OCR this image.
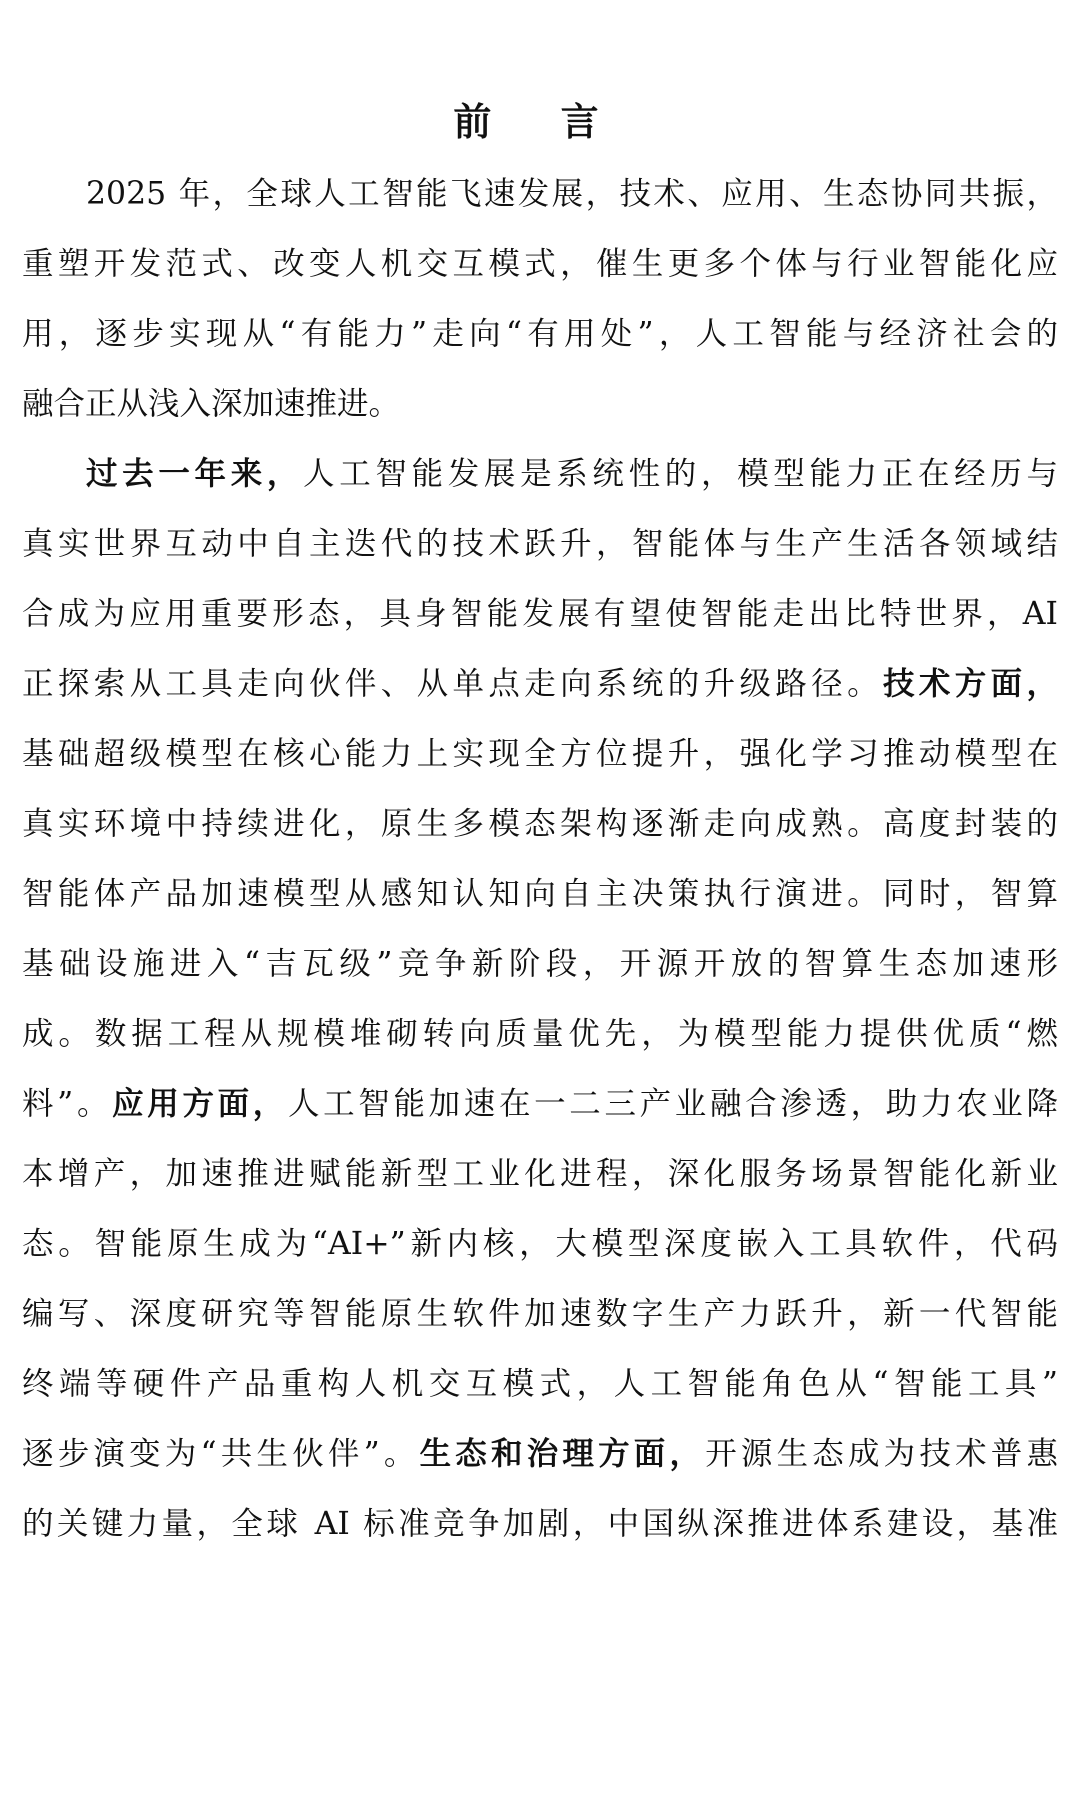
前 言
2025 年，全球人工智能飞速发展，技术、应用、生态协同共振，
重塑开发范式、改变人机交互模式，催生更多个体与行业智能化应
用，逐步实现从“有能力”走向“有用处”，人工智能与经济社会的
融合正从浅入深加速推进。
过去一年来，人工智能发展是系统性的，模型能力正在经历与
真实世界互动中自主迭代的技术跃升，智能体与生产生活各领域结
合成为应用重要形态，具身智能发展有望使智能走出比特世界，AI
正探索从工具走向伙伴、从单点走向系统的升级路径。技术方面，
基础超级模型在核心能力上实现全方位提升，强化学习推动模型在
真实环境中持续进化，原生多模态架构逐渐走向成熟。高度封装的
智能体产品加速模型从感知认知向自主决策执行演进。同时，智算
基础设施进入“吉瓦级”竞争新阶段，开源开放的智算生态加速形
成。数据工程从规模堆砌转向质量优先，为模型能力提供优质“燃
料”。应用方面，人工智能加速在一二三产业融合渗透，助力农业降
本增产，加速推进赋能新型工业化进程，深化服务场景智能化新业
态。智能原生成为“AI+”新内核，大模型深度嵌入工具软件，代码
编写、深度研究等智能原生软件加速数字生产力跃升，新一代智能
终端等硬件产品重构人机交互模式，人工智能角色从“智能工具”
逐步演变为“共生伙伴”。生态和治理方面，开源生态成为技术普惠
的关键力量，全球 AI 标准竞争加剧，中国纵深推进体系建设，基准
